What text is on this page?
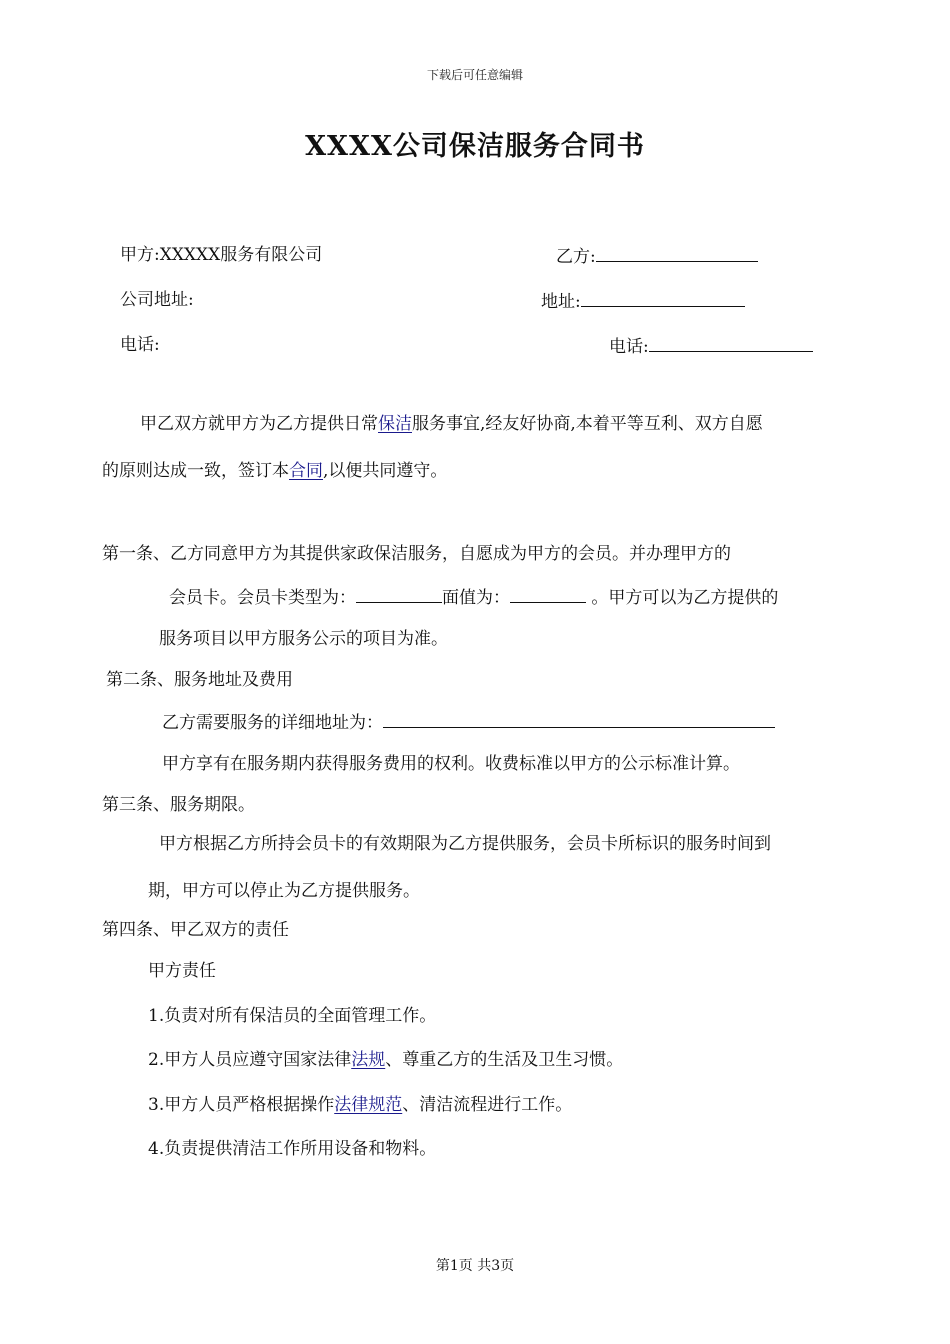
下载后可任意编辑
XXXX公司保洁服务合同书
甲方:XXXXX服务有限公司	乙方:
公司地址:	地址:
电话:	电话:
甲乙双方就甲方为乙方提供日常保洁服务事宜,经友好协商,本着平等互利、双方自愿
的原则达成一致，签订本合同,以便共同遵守。
第一条、乙方同意甲方为其提供家政保洁服务，自愿成为甲方的会员。并办理甲方的
会员卡。会员卡类型为：	面值为：	。甲方可以为乙方提供的
服务项目以甲方服务公示的项目为准。
第二条、服务地址及费用
乙方需要服务的详细地址为：
甲方享有在服务期内获得服务费用的权利。收费标准以甲方的公示标准计算。
第三条、服务期限。
甲方根据乙方所持会员卡的有效期限为乙方提供服务，会员卡所标识的服务时间到
期，甲方可以停止为乙方提供服务。
第四条、甲乙双方的责任
甲方责任
1.负责对所有保洁员的全面管理工作。
2.甲方人员应遵守国家法律法规、尊重乙方的生活及卫生习惯。
3.甲方人员严格根据操作法律规范、清洁流程进行工作。
4.负责提供清洁工作所用设备和物料。
第1页 共3页
